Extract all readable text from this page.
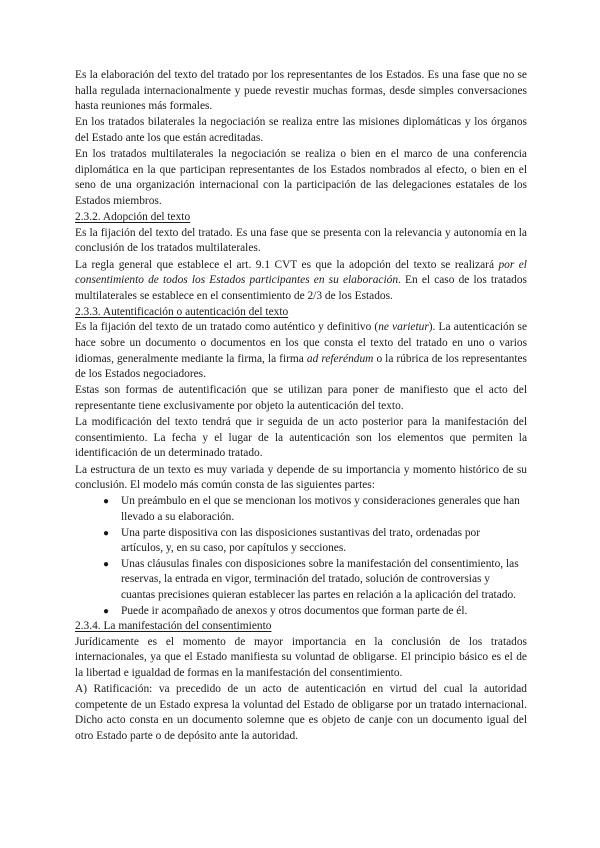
Es la elaboración del texto del tratado por los representantes de los Estados. Es una fase que no se halla regulada internacionalmente y puede revestir muchas formas, desde simples conversaciones hasta reuniones más formales.

En los tratados bilaterales la negociación se realiza entre las misiones diplomáticas y los órganos del Estado ante los que están acreditadas.

En los tratados multilaterales la negociación se realiza o bien en el marco de una conferencia diplomática en la que participan representantes de los Estados nombrados al efecto, o bien en el seno de una organización internacional con la participación de las delegaciones estatales de los Estados miembros.

2.3.2. Adopción del texto

Es la fijación del texto del tratado. Es una fase que se presenta con la relevancia y autonomía en la conclusión de los tratados multilaterales.

La regla general que establece el art. 9.1 CVT es que la adopción del texto se realizará por el consentimiento de todos los Estados participantes en su elaboración. En el caso de los tratados multilaterales se establece en el consentimiento de 2/3 de los Estados.

2.3.3. Autentificación o autenticación del texto

Es la fijación del texto de un tratado como auténtico y definitivo (ne varietur). La autenticación se hace sobre un documento o documentos en los que consta el texto del tratado en uno o varios idiomas, generalmente mediante la firma, la firma ad referéndum o la rúbrica de los representantes de los Estados negociadores.

Estas son formas de autentificación que se utilizan para poner de manifiesto que el acto del representante tiene exclusivamente por objeto la autenticación del texto.

La modificación del texto tendrá que ir seguida de un acto posterior para la manifestación del consentimiento. La fecha y el lugar de la autenticación son los elementos que permiten la identificación de un determinado tratado.

La estructura de un texto es muy variada y depende de su importancia y momento histórico de su conclusión. El modelo más común consta de las siguientes partes:

● Un preámbulo en el que se mencionan los motivos y consideraciones generales que han llevado a su elaboración.
● Una parte dispositiva con las disposiciones sustantivas del trato, ordenadas por artículos, y, en su caso, por capítulos y secciones.
● Unas cláusulas finales con disposiciones sobre la manifestación del consentimiento, las reservas, la entrada en vigor, terminación del tratado, solución de controversias y cuantas precisiones quieran establecer las partes en relación a la aplicación del tratado.
● Puede ir acompañado de anexos y otros documentos que forman parte de él.
2.3.4. La manifestación del consentimiento

Jurídicamente es el momento de mayor importancia en la conclusión de los tratados internacionales, ya que el Estado manifiesta su voluntad de obligarse. El principio básico es el de la libertad e igualdad de formas en la manifestación del consentimiento.

A) Ratificación: va precedido de un acto de autenticación en virtud del cual la autoridad competente de un Estado expresa la voluntad del Estado de obligarse por un tratado internacional. Dicho acto consta en un documento solemne que es objeto de canje con un documento igual del otro Estado parte o de depósito ante la autoridad.
